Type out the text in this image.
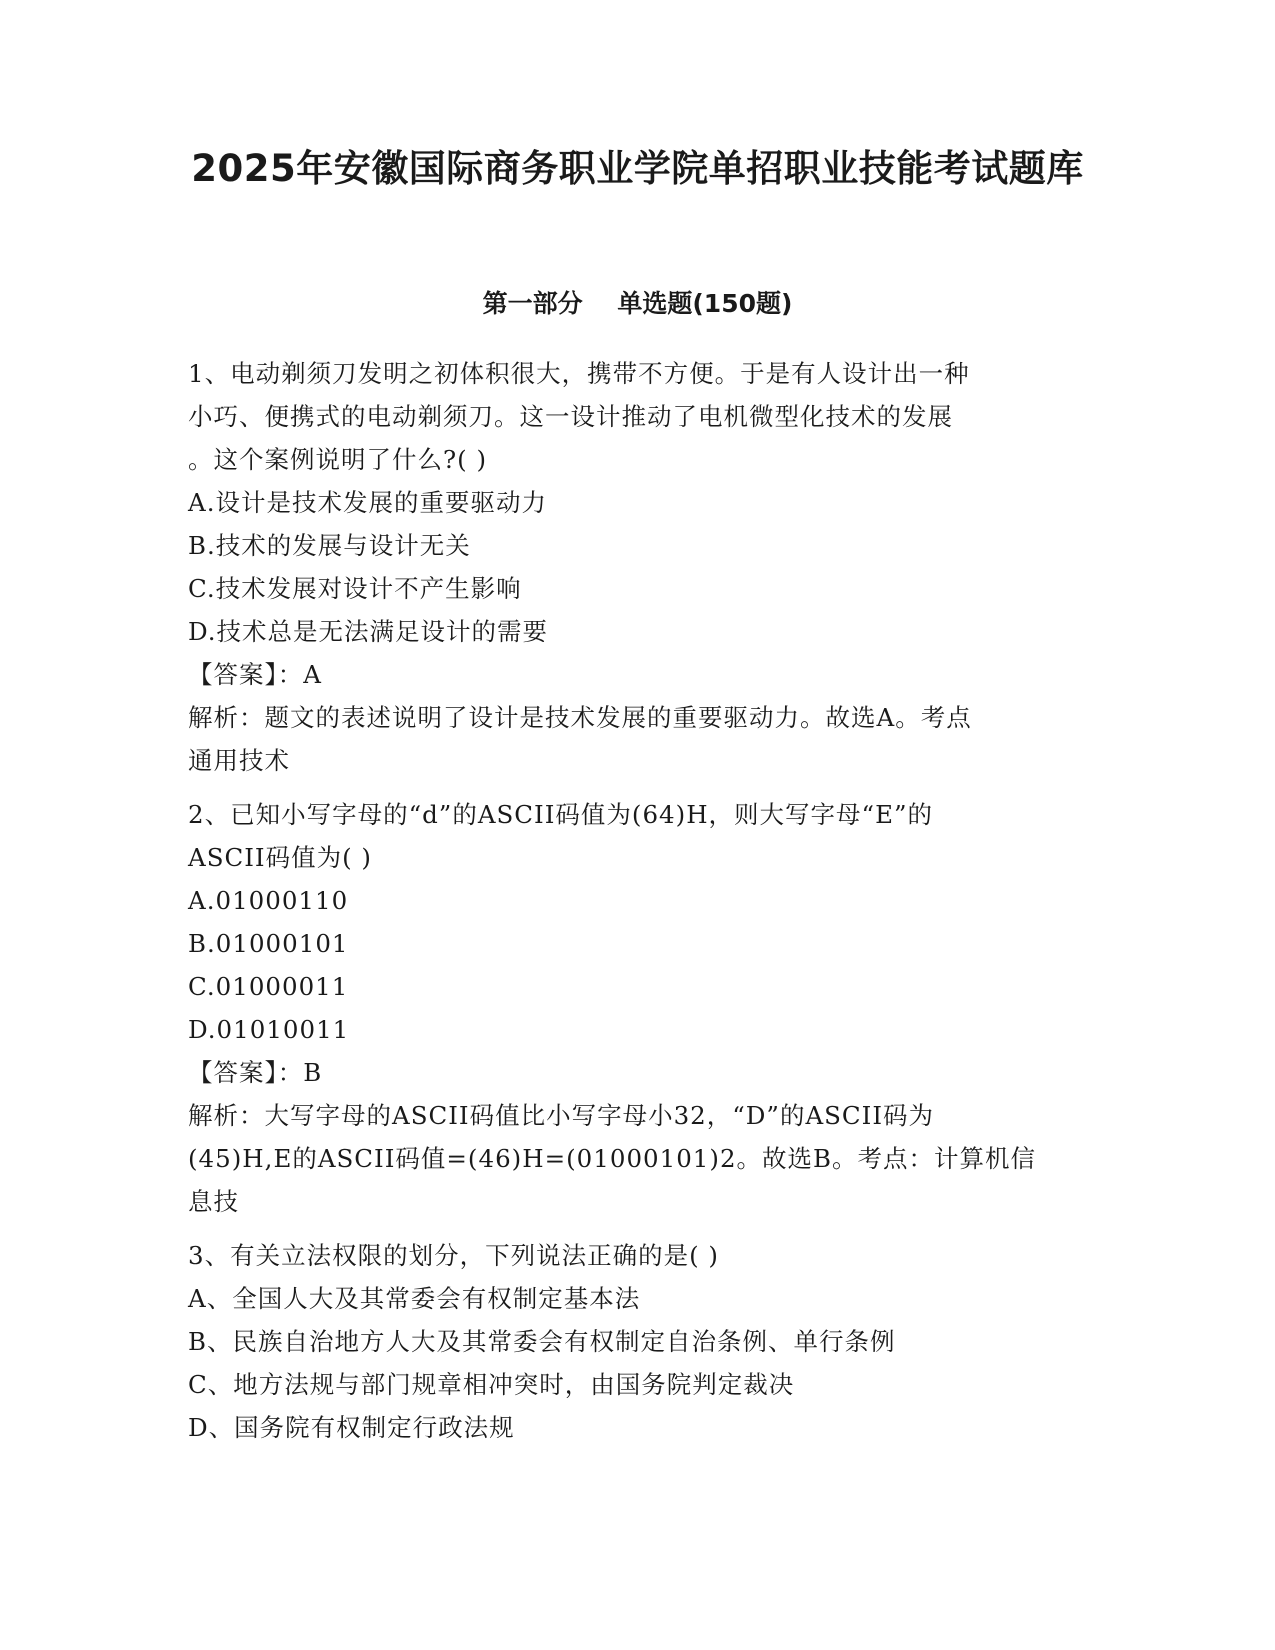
2025年安徽国际商务职业学院单招职业技能考试题库
第一部分    单选题(150题)
1、电动剃须刀发明之初体积很大，携带不方便。于是有人设计出一种
小巧、便携式的电动剃须刀。这一设计推动了电机微型化技术的发展
。这个案例说明了什么?( )
A.设计是技术发展的重要驱动力
B.技术的发展与设计无关
C.技术发展对设计不产生影响
D.技术总是无法满足设计的需要
【答案】：A
解析：题文的表述说明了设计是技术发展的重要驱动力。故选A。考点
通用技术
2、已知小写字母的“d”的ASCII码值为(64)H，则大写字母“E”的
ASCII码值为( )
A.01000110
B.01000101
C.01000011
D.01010011
【答案】：B
解析：大写字母的ASCII码值比小写字母小32，“D”的ASCII码为
(45)H,E的ASCII码值=(46)H=(01000101)2。故选B。考点：计算机信
息技
3、有关立法权限的划分，下列说法正确的是( )
A、全国人大及其常委会有权制定基本法
B、民族自治地方人大及其常委会有权制定自治条例、单行条例
C、地方法规与部门规章相冲突时，由国务院判定裁决
D、国务院有权制定行政法规
